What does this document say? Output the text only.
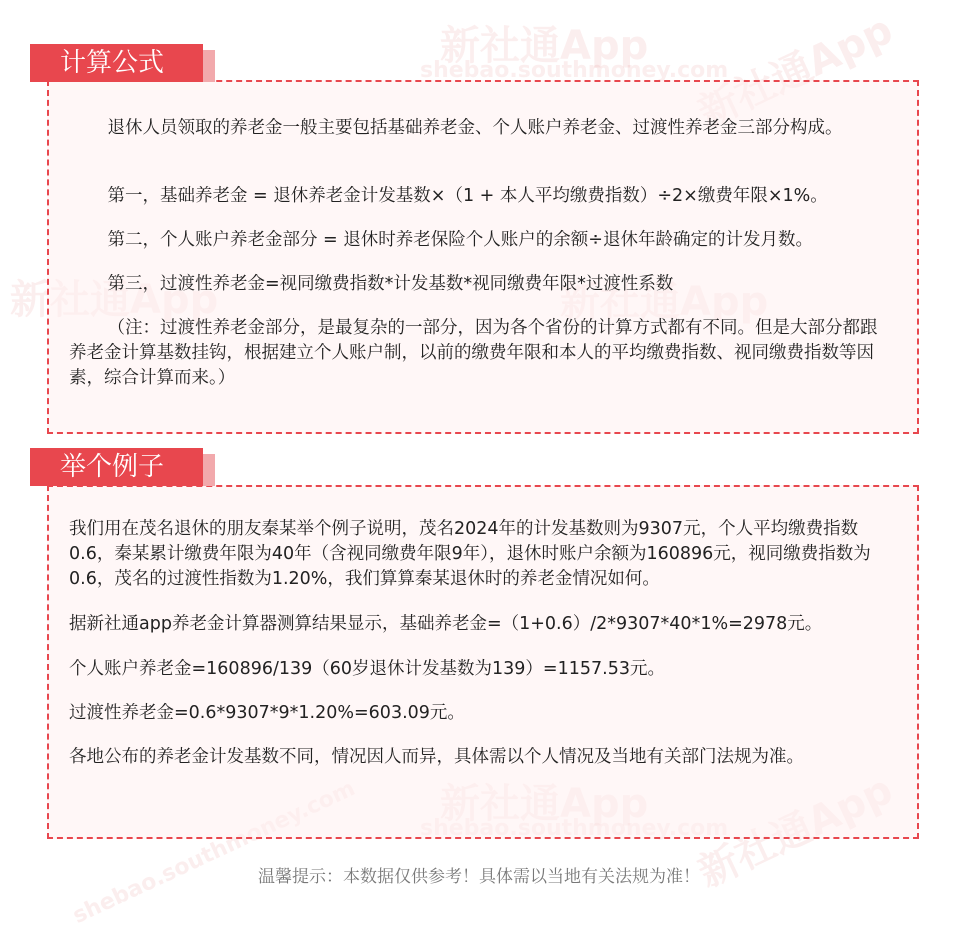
新社通App
shebao.southmoney.com
新社通App
shebao.southmoney.com
计算公式

退休人员领取的养老金一般主要包括基础养老金、个人账户养老金、过渡性养老金三部分构成。

第一，基础养老金 = 退休养老金计发基数×（1 + 本人平均缴费指数）÷2×缴费年限×1%。

第二，个人账户养老金部分 = 退休时养老保险个人账户的余额÷退休年龄确定的计发月数。

第三，过渡性养老金=视同缴费指数*计发基数*视同缴费年限*过渡性系数

（注：过渡性养老金部分，是最复杂的一部分，因为各个省份的计算方式都有不同。但是大部分都跟养老金计算基数挂钩，根据建立个人账户制，以前的缴费年限和本人的平均缴费指数、视同缴费指数等因素，综合计算而来。）

举个例子

我们用在茂名退休的朋友秦某举个例子说明，茂名2024年的计发基数则为9307元，个人平均缴费指数0.6，秦某累计缴费年限为40年（含视同缴费年限9年），退休时账户余额为160896元，视同缴费指数为0.6，茂名的过渡性指数为1.20%，我们算算秦某退休时的养老金情况如何。

据新社通app养老金计算器测算结果显示，基础养老金=（1+0.6）/2*9307*40*1%=2978元。

个人账户养老金=160896/139（60岁退休计发基数为139）=1157.53元。

过渡性养老金=0.6*9307*9*1.20%=603.09元。

各地公布的养老金计发基数不同，情况因人而异，具体需以个人情况及当地有关部门法规为准。

温馨提示：本数据仅供参考！具体需以当地有关法规为准！
